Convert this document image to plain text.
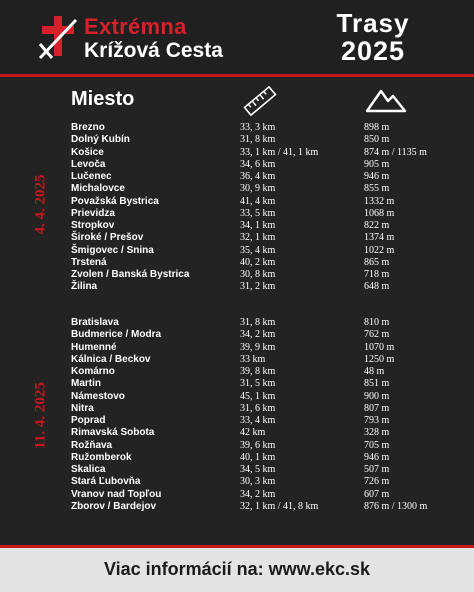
Extrémna
Krížová Cesta
Trasy
2025
Miesto
4. 4. 2025
11. 4. 2025
Brezno	33, 3 km	898 m
Dolný Kubín	31, 8 km	850 m
Košice	33, 1 km / 41, 1 km	874 m / 1135 m
Levoča	34, 6 km	905 m
Lučenec	36, 4 km	946 m
Michalovce	30, 9 km	855 m
Považská Bystrica	41, 4 km	1332 m
Prievidza	33, 5 km	1068 m
Stropkov	34, 1 km	822 m
Široké / Prešov	32, 1 km	1374 m
Šmigovec / Snina	35, 4 km	1022 m
Trstená	40, 2 km	865 m
Zvolen / Banská Bystrica	30, 8 km	718 m
Žilina	31, 2 km	648 m
Bratislava	31, 8 km	810 m
Budmerice / Modra	34, 2 km	762 m
Humenné	39, 9 km	1070 m
Kálnica / Beckov	33 km	1250 m
Komárno	39, 8 km	48 m
Martin	31, 5 km	851 m
Námestovo	45, 1 km	900 m
Nitra	31, 6 km	807 m
Poprad	33, 4 km	793 m
Rimavská Sobota	42 km	328 m
Rožňava	39, 6 km	705 m
Ružomberok	40, 1 km	946 m
Skalica	34, 5 km	507 m
Stará Ľubovňa	30, 3 km	726 m
Vranov nad Topľou	34, 2 km	607 m
Zborov / Bardejov	32, 1 km / 41, 8 km	876 m / 1300 m
Viac informácií na: www.ekc.sk
